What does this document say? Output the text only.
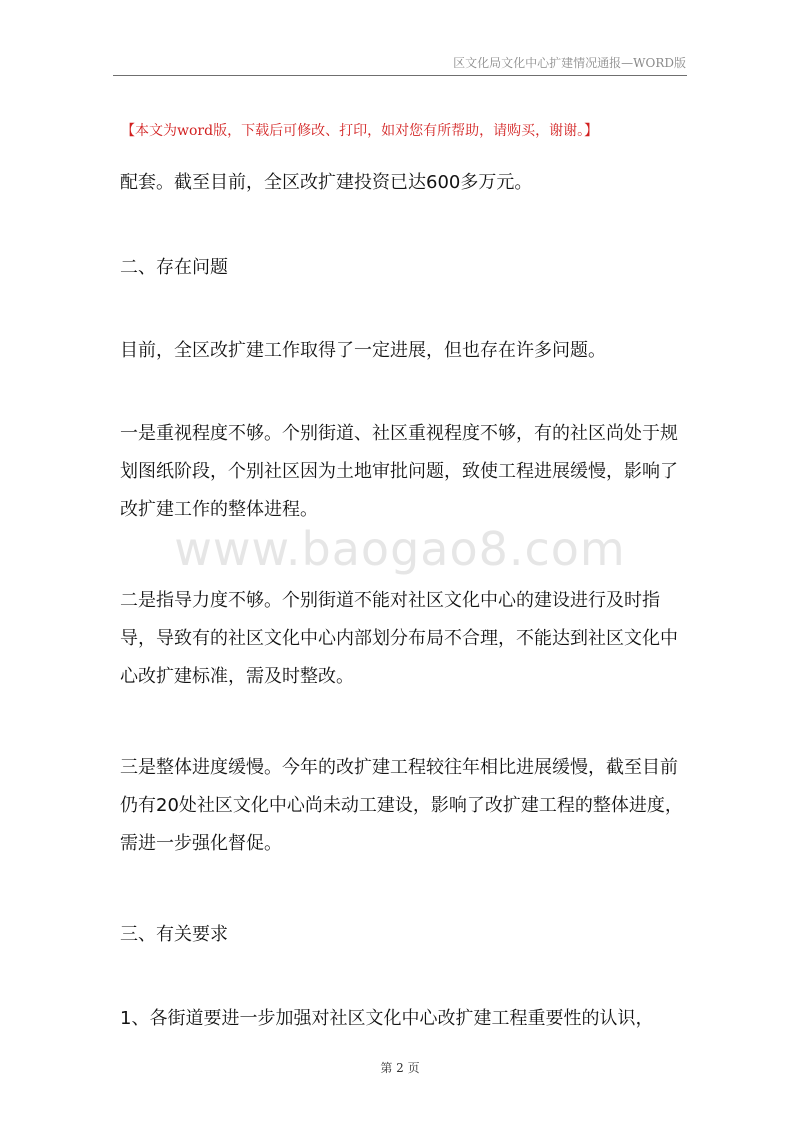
区文化局文化中心扩建情况通报—WORD版
【本文为word版，下载后可修改、打印，如对您有所帮助，请购买，谢谢。】

配套。截至目前，全区改扩建投资已达600多万元。

二、存在问题

目前，全区改扩建工作取得了一定进展，但也存在许多问题。

一是重视程度不够。个别街道、社区重视程度不够，有的社区尚处于规划图纸阶段，个别社区因为土地审批问题，致使工程进展缓慢，影响了改扩建工作的整体进程。

www.baogao8.com

二是指导力度不够。个别街道不能对社区文化中心的建设进行及时指导，导致有的社区文化中心内部划分布局不合理，不能达到社区文化中心改扩建标准，需及时整改。

三是整体进度缓慢。今年的改扩建工程较往年相比进展缓慢，截至目前仍有20处社区文化中心尚未动工建设，影响了改扩建工程的整体进度，需进一步强化督促。

三、有关要求

1、各街道要进一步加强对社区文化中心改扩建工程重要性的认识，

第 2 页
